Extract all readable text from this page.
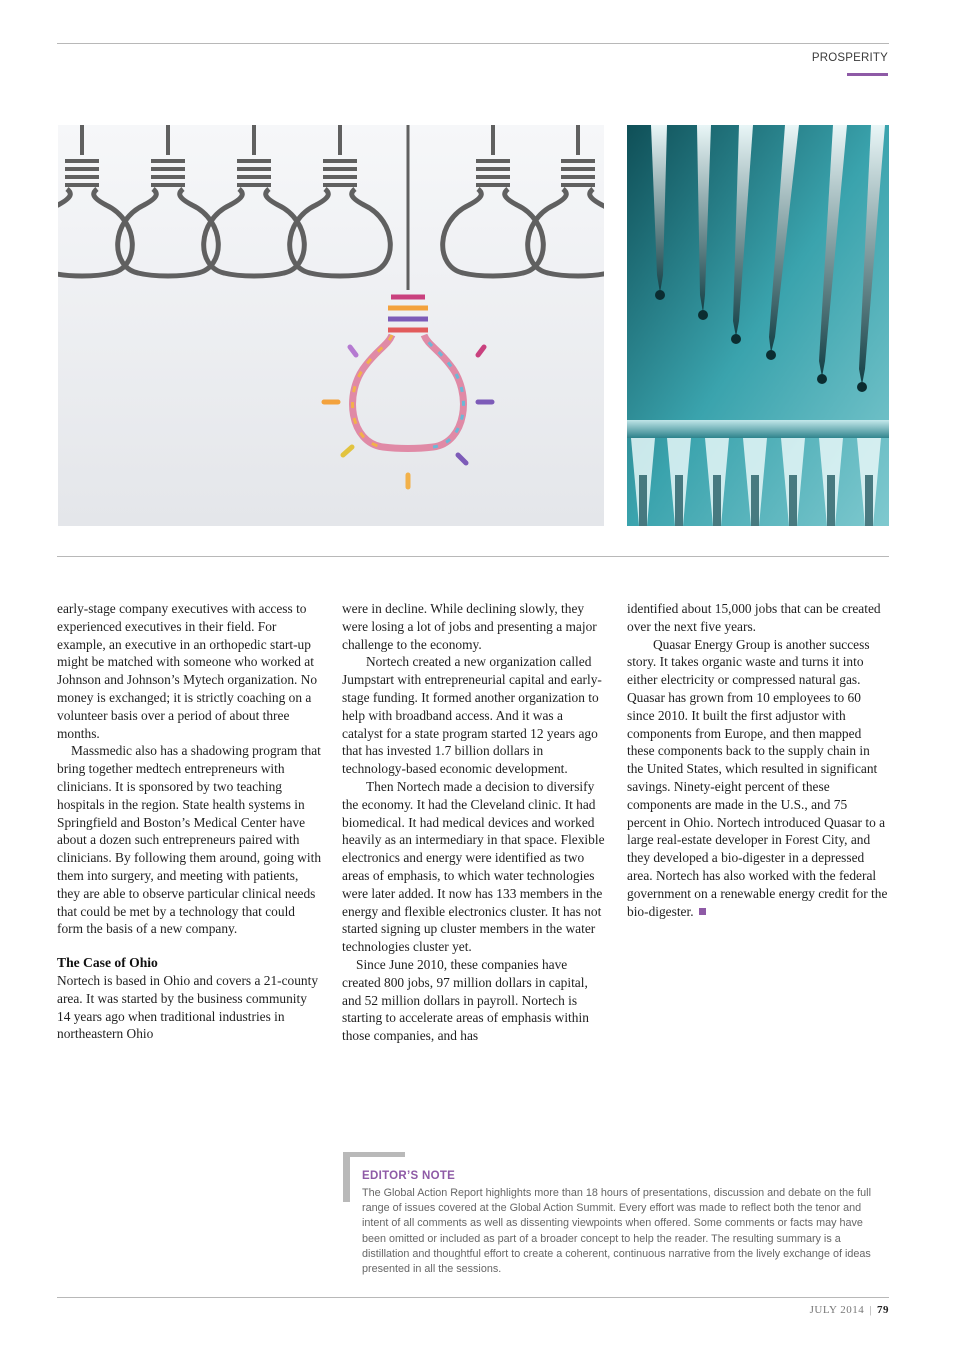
PROSPERITY

early-stage company executives with access to experienced executives in their field. For example, an executive in an orthopedic start-up might be matched with someone who worked at Johnson and Johnson’s Mytech organization. No money is exchanged; it is strictly coaching on a volunteer basis over a period of about three months.

Massmedic also has a shadowing program that bring together medtech entrepreneurs with clinicians. It is sponsored by two teaching hospitals in the region. State health systems in Springfield and Boston’s Medical Center have about a dozen such entrepreneurs paired with clinicians. By following them around, going with them into surgery, and meeting with patients, they are able to observe particular clinical needs that could be met by a technology that could form the basis of a new company.

The Case of Ohio

Nortech is based in Ohio and covers a 21-county area. It was started by the business community 14 years ago when traditional industries in northeastern Ohio

were in decline. While declining slowly, they were losing a lot of jobs and presenting a major challenge to the economy.

Nortech created a new organization called Jumpstart with entrepreneurial capital and early-stage funding. It formed another organization to help with broadband access. And it was a catalyst for a state program started 12 years ago that has invested 1.7 billion dollars in technology-based economic development.

Then Nortech made a decision to diversify the economy. It had the Cleveland clinic. It had biomedical. It had medical devices and worked heavily as an intermediary in that space. Flexible electronics and energy were identified as two areas of emphasis, to which water technologies were later added. It now has 133 members in the energy and flexible electronics cluster. It has not started signing up cluster members in the water technologies cluster yet.

Since June 2010, these companies have created 800 jobs, 97 million dollars in capital, and 52 million dollars in payroll. Nortech is starting to accelerate areas of emphasis within those companies, and has

identified about 15,000 jobs that can be created over the next five years.

Quasar Energy Group is another success story. It takes organic waste and turns it into either electricity or compressed natural gas. Quasar has grown from 10 employees to 60 since 2010. It built the first adjustor with components from Europe, and then mapped these components back to the supply chain in the United States, which resulted in significant savings. Ninety-eight percent of these components are made in the U.S., and 75 percent in Ohio. Nortech introduced Quasar to a large real-estate developer in Forest City, and they developed a bio-digester in a depressed area. Nortech has also worked with the federal government on a renewable energy credit for the bio-digester.

EDITOR’S NOTE

The Global Action Report highlights more than 18 hours of presentations, discussion and debate on the full range of issues covered at the Global Action Summit. Every effort was made to reflect both the tenor and intent of all comments as well as dissenting viewpoints when offered. Some comments or facts may have been omitted or included as part of a broader concept to help the reader. The resulting summary is a distillation and thoughtful effort to create a coherent, continuous narrative from the lively exchange of ideas presented in all the sessions.

JULY 2014 | 79
